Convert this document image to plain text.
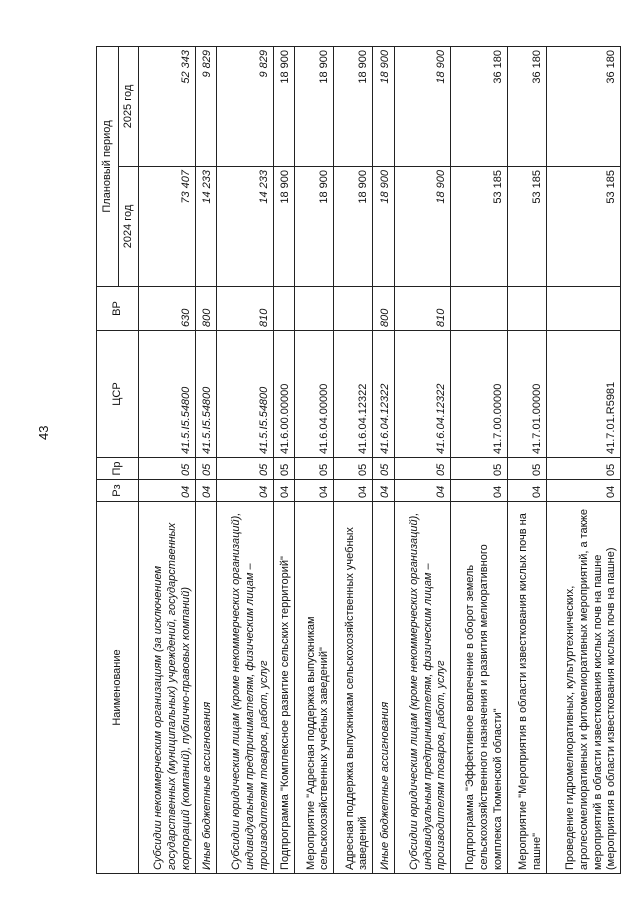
43
Наименование	Рз	Пр	ЦСР	ВР	Плановый период	
					2024 год	2025 год
Субсидии некоммерческим организациям (за исключением государственных (муниципальных) учреждений, государственных корпораций (компаний), публично-правовых компаний)	04	05	41.5.I5.54800	630	73 407	52 343
Иные бюджетные ассигнования	04	05	41.5.I5.54800	800	14 233	9 829
Субсидии юридическим лицам (кроме некоммерческих организаций), индивидуальным предпринимателям, физическим лицам – производителям товаров, работ, услуг	04	05	41.5.I5.54800	810	14 233	9 829
Подпрограмма "Комплексное развитие сельских территорий"	04	05	41.6.00.00000		18 900	18 900
Мероприятие "Адресная поддержка выпускникам сельскохозяйственных учебных заведений"	04	05	41.6.04.00000		18 900	18 900
Адресная поддержка выпускникам сельскохозяйственных учебных заведений	04	05	41.6.04.12322		18 900	18 900
Иные бюджетные ассигнования	04	05	41.6.04.12322	800	18 900	18 900
Субсидии юридическим лицам (кроме некоммерческих организаций), индивидуальным предпринимателям, физическим лицам – производителям товаров, работ, услуг	04	05	41.6.04.12322	810	18 900	18 900
Подпрограмма "Эффективное вовлечение в оборот земель сельскохозяйственного назначения и развития мелиоративного комплекса Тюменской области"	04	05	41.7.00.00000		53 185	36 180
Мероприятие "Мероприятия в области известкования кислых почв на пашне"	04	05	41.7.01.00000		53 185	36 180
Проведение гидромелиоративных, культуртехнических, агролесомелиоративных и фитомелиоративных мероприятий, а также мероприятий в области известкования кислых почв на пашне (мероприятия в области известкования кислых почв на пашне)	04	05	41.7.01.R5981		53 185	36 180
